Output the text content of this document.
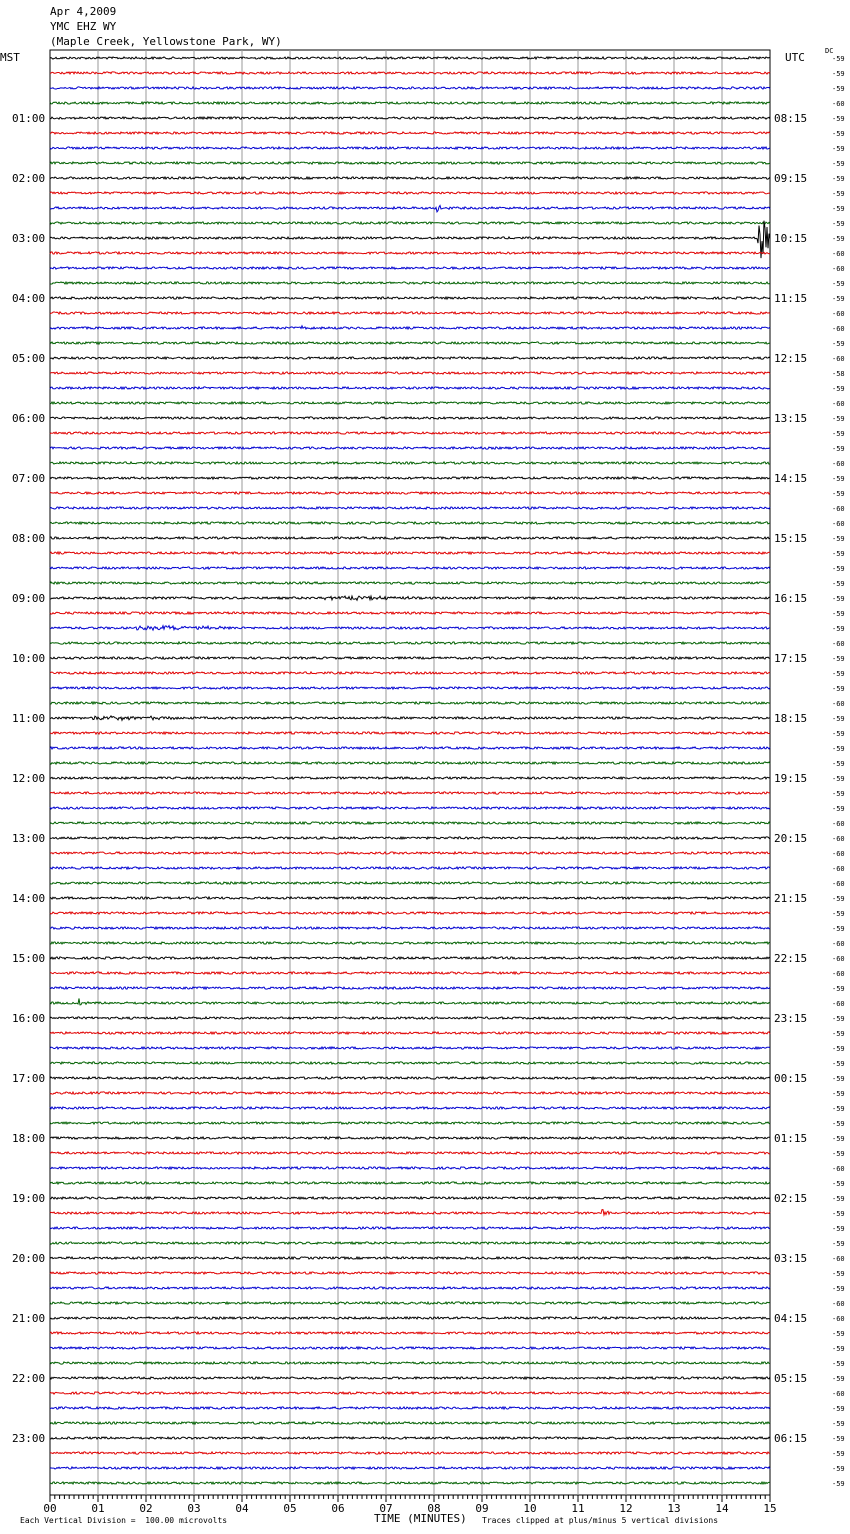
Apr 4,2009
YMC EHZ WY
(Maple Creek, Yellowstone Park, WY)
MST	UTC	DC
-59
-59
-59
-60
-59
-59
-59
-59
-59
-59
-59
-59
-59
-60
-60
-59
-59
-60
-60
-59
-60
-58
-59
-60
-59
-59
-59
-60
-59
-59
-60
-60
-59
-59
-59
-59
-59
-59
-59
-60
-59
-59
-59
-60
-59
-59
-59
-59
-59
-59
-59
-60
-60
-60
-60
-60
-59
-59
-59
-60
-60
-60
-59
-60
-59
-59
-59
-59
-59
-59
-59
-59
-59
-59
-60
-59
-59
-59
-59
-59
-60
-59
-59
-60
-60
-59
-59
-59
-59
-60
-59
-59
-59
-59
-59
-59
01:00
02:00
03:00
04:00
05:00
06:00
07:00
08:00
09:00
10:00
11:00
12:00
13:00
14:00
15:00
16:00
17:00
18:00
19:00
20:00
21:00
22:00
23:00
08:15
09:15
10:15
11:15
12:15
13:15
14:15
15:15
16:15
17:15
18:15
19:15
20:15
21:15
22:15
23:15
00:15
01:15
02:15
03:15
04:15
05:15
06:15
00	01	02	03	04	05	06	07	08	09	10	11	12	13	14	15
TIME (MINUTES)
Each Vertical Division =  100.00 microvolts	Traces clipped at plus/minus 5 vertical divisions
